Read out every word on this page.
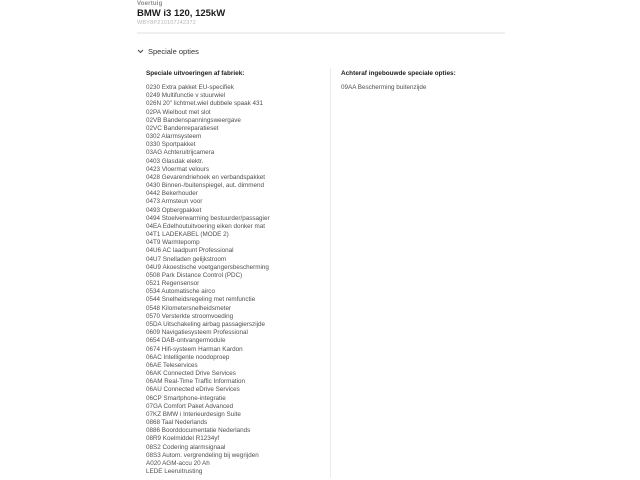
Voertuig
BMW i3 120, 125kW
WBY8P210107J42372
Speciale opties
Speciale uitvoeringen af fabriek:
0230 Extra pakket EU-specifiek
0249 Multifunctie v stuurwiel
026N 20" lichtmet.wiel dubbele spaak 431
02PA Wielbout met slot
02VB Bandenspanningsweergave
02VC Bandenreparatieset
0302 Alarmsysteem
0330 Sportpakket
03AG Achteruitrijcamera
0403 Glasdak elektr.
0423 Vloermat velours
0428 Gevarendriehoek en verbandspakket
0430 Binnen-/buitenspiegel, aut. dimmend
0442 Bekerhouder
0473 Armsteun voor
0493 Opbergpakket
0494 Stoelverwarming bestuurder/passagier
04EA Edelhoutuitvoering eiken donker mat
04T1 LADEKABEL (MODE 2)
04T9 Warmtepomp
04U6 AC laadpunt Professional
04U7 Snelladen gelijkstroom
04U9 Akoestische voetgangersbescherming
0508 Park Distance Control (PDC)
0521 Regensensor
0534 Automatische airco
0544 Snelheidsregeling met remfunctie
0548 Kilometersnelheidsmeter
0570 Versterkte stroomvoeding
05DA Uitschakeling airbag passagierszijde
0609 Navigatiesysteem Professional
0654 DAB-ontvangermodule
0674 Hifi-systeem Harman Kardon
06AC Intelligente noodoproep
06AE Teleservices
06AK Connected Drive Services
06AM Real-Time Traffic Information
06AU Connected eDrive Services
06CP Smartphone-integratie
07GA Comfort Paket Advanced
07KZ BMW i Interieurdesign Suite
0868 Taal Nederlands
0886 Boorddocumentatie Nederlands
08R9 Koelmiddel R1234yf
08S2 Codering alarmsignaal
08S3 Autom. vergrendeling bij wegrijden
A020 AGM-accu 20 Ah
LEDE Leeruitrusting
Achteraf ingebouwde speciale opties:
09AA Bescherming buitenzijde
